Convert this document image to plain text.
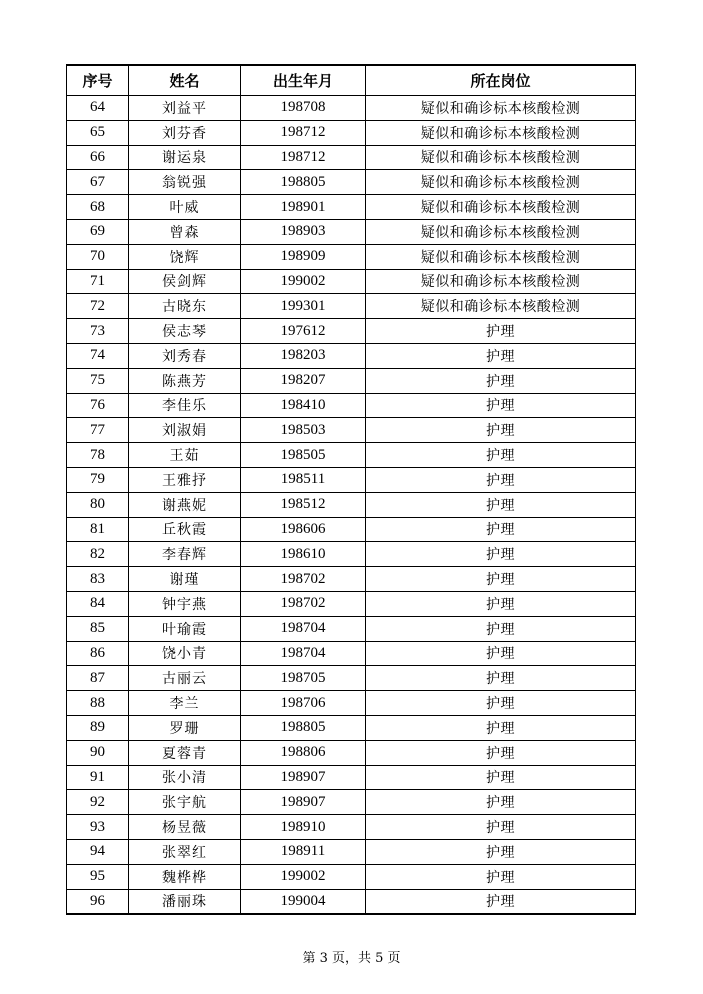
序号	姓名	出生年月	所在岗位
64	刘益平	198708	疑似和确诊标本核酸检测
65	刘芬香	198712	疑似和确诊标本核酸检测
66	谢运泉	198712	疑似和确诊标本核酸检测
67	翁锐强	198805	疑似和确诊标本核酸检测
68	叶威	198901	疑似和确诊标本核酸检测
69	曾森	198903	疑似和确诊标本核酸检测
70	饶辉	198909	疑似和确诊标本核酸检测
71	侯剑辉	199002	疑似和确诊标本核酸检测
72	古晓东	199301	疑似和确诊标本核酸检测
73	侯志琴	197612	护理
74	刘秀春	198203	护理
75	陈燕芳	198207	护理
76	李佳乐	198410	护理
77	刘淑娟	198503	护理
78	王茹	198505	护理
79	王雅抒	198511	护理
80	谢燕妮	198512	护理
81	丘秋霞	198606	护理
82	李春辉	198610	护理
83	谢瑾	198702	护理
84	钟宇燕	198702	护理
85	叶瑜霞	198704	护理
86	饶小青	198704	护理
87	古丽云	198705	护理
88	李兰	198706	护理
89	罗珊	198805	护理
90	夏蓉青	198806	护理
91	张小清	198907	护理
92	张宇航	198907	护理
93	杨昱薇	198910	护理
94	张翠红	198911	护理
95	魏桦桦	199002	护理
96	潘丽珠	199004	护理
第 3 页，共 5 页
